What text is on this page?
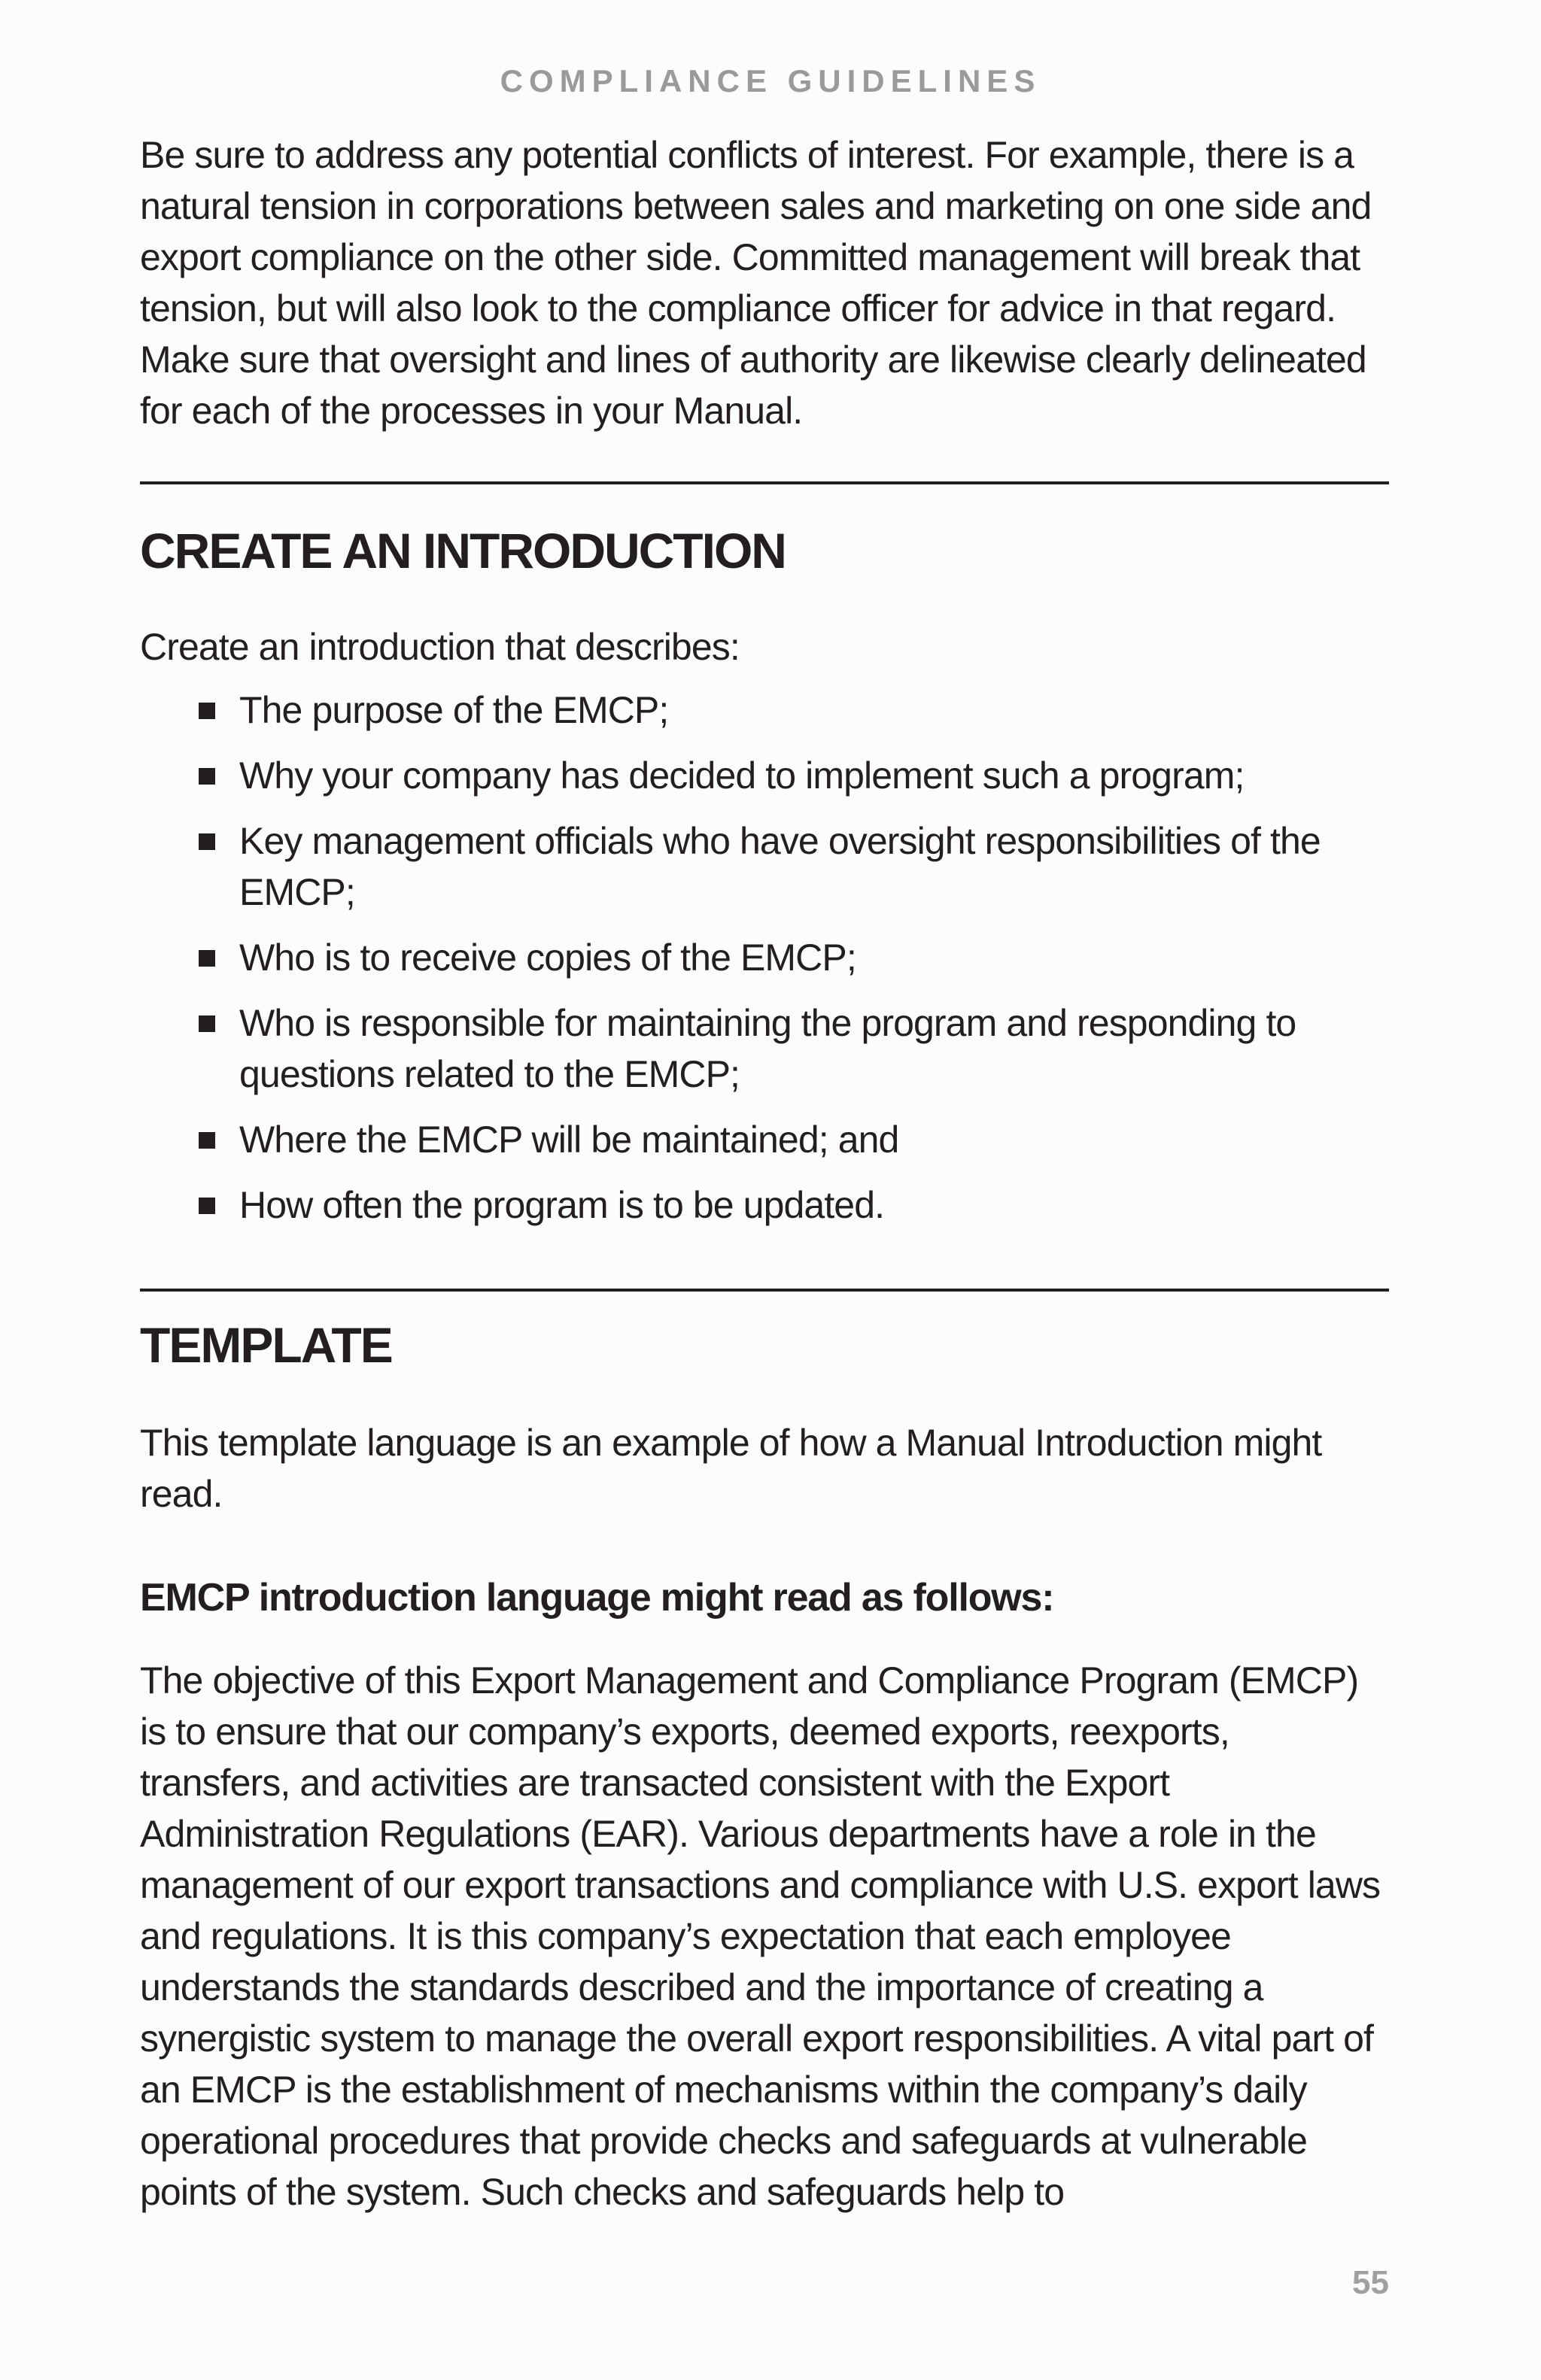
COMPLIANCE GUIDELINES

Be sure to address any potential conflicts of interest. For example, there is a natural tension in corporations between sales and marketing on one side and export compliance on the other side. Committed management will break that tension, but will also look to the compliance officer for advice in that regard. Make sure that oversight and lines of authority are likewise clearly delineated for each of the processes in your Manual.

CREATE AN INTRODUCTION

Create an introduction that describes:

The purpose of the EMCP;
Why your company has decided to implement such a program;
Key management officials who have oversight responsibilities of the EMCP;
Who is to receive copies of the EMCP;
Who is responsible for maintaining the program and responding to questions related to the EMCP;
Where the EMCP will be maintained; and
How often the program is to be updated.
TEMPLATE

This template language is an example of how a Manual Introduction might read.

EMCP introduction language might read as follows:

The objective of this Export Management and Compliance Program (EMCP) is to ensure that our company’s exports, deemed exports, reexports, transfers, and activities are transacted consistent with the Export Administration Regulations (EAR). Various departments have a role in the management of our export transactions and compliance with U.S. export laws and regulations. It is this company’s expectation that each employee understands the standards described and the importance of creating a synergistic system to manage the overall export responsibilities. A vital part of an EMCP is the establishment of mechanisms within the company’s daily operational procedures that provide checks and safeguards at vulnerable points of the system. Such checks and safeguards help to

55
